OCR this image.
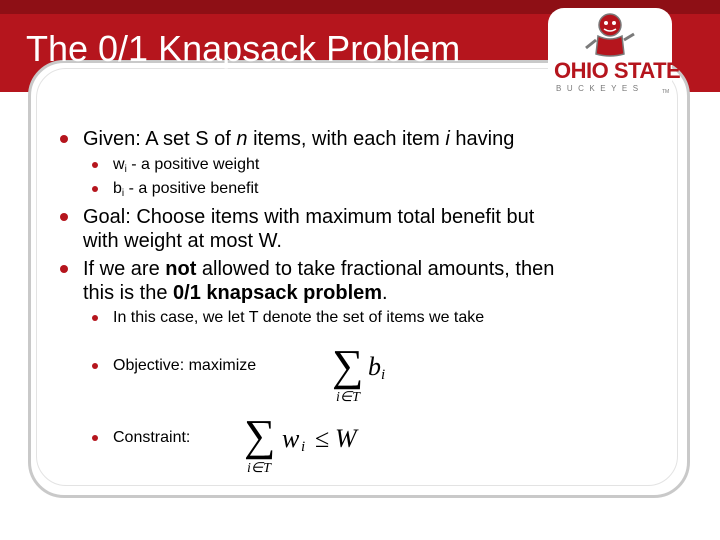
The 0/1 Knapsack Problem
OHIO STATE
BUCKEYES	TM
Given: A set S of n items, with each item i having
$w_i$ - a positive weight
$b_i$ - a positive benefit
Goal: Choose items with maximum total benefit but
with weight at most W.
If we are not allowed to take fractional amounts, then
this is the 0/1 knapsack problem.
In this case, we let T denote the set of items we take
Objective: maximize
Constraint:
∑ b i
i∈T
∑ w i ≤ W
i∈T
